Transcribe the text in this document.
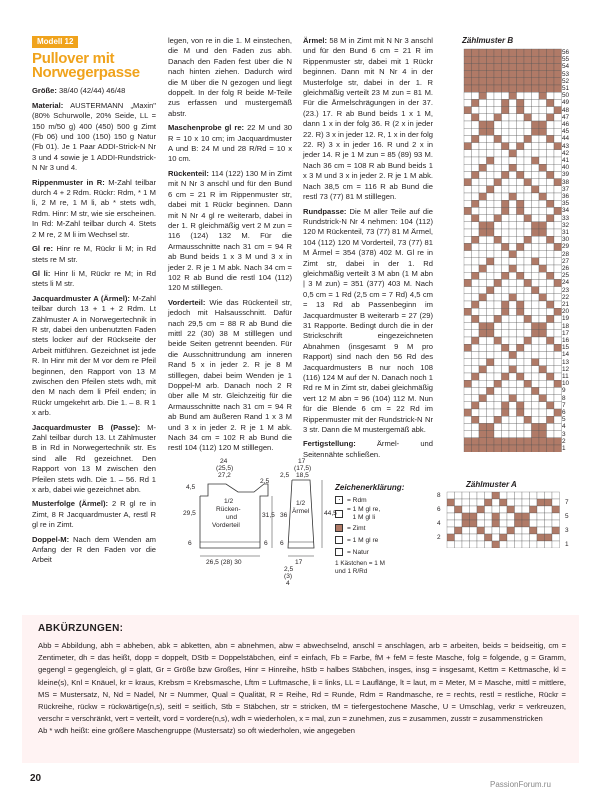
Modell 12
Pullover mit
Norwegerpasse

Größe: 38/40 (42/44) 46/48

Material: AUSTERMANN „Maxin" (80% Schurwolle, 20% Seide, LL = 150 m/50 g) 400 (450) 500 g Zimt (Fb 06) und 100 (150) 150 g Natur (Fb 01). Je 1 Paar ADDI-Strick-N Nr 3 und 4 sowie je 1 ADDI-Rundstrick-N Nr 3 und 4.

Rippenmuster in R: M-Zahl teilbar durch 4 + 2 Rdm. Rückr: Rdm, * 1 M li, 2 M re, 1 M li, ab * stets wdh, Rdm. Hinr: M str, wie sie erscheinen. In Rd: M-Zahl teilbar durch 4. Stets 2 M re, 2 M li im Wechsel str.

Gl re: Hinr re M, Rückr li M; in Rd stets re M str.

Gl li: Hinr li M, Rückr re M; in Rd stets li M str.

Jacquardmuster A (Ärmel): M-Zahl teilbar durch 13 + 1 + 2 Rdm. Lt Zählmuster A in Norwegertechnik in R str, dabei den unbenutzten Faden stets locker auf der Rückseite der Arbeit mitführen. Gezeichnet ist jede R. In Hinr mit der M vor dem re Pfeil beginnen, den Rapport von 13 M zwischen den Pfeilen stets wdh, mit den M nach dem li Pfeil enden; in Rückr umgekehrt arb. Die 1. – 8. R 1 x arb.

Jacquardmuster B (Passe): M-Zahl teilbar durch 13. Lt Zählmuster B in Rd in Norwegertechnik str. Es sind alle Rd gezeichnet. Den Rapport von 13 M zwischen den Pfeilen stets wdh. Die 1. – 56. Rd 1 x arb, dabei wie gezeichnet abn.

Musterfolge (Ärmel): 2 R gl re in Zimt, 8 R Jacquardmuster A, restl R gl re in Zimt.

Doppel-M: Nach dem Wenden am Anfang der R den Faden vor die Arbeit

legen, von re in die 1. M einstechen, die M und den Faden zus abh. Danach den Faden fest über die N nach hinten ziehen. Dadurch wird die M über die N gezogen und liegt doppelt. In der folg R beide M-Teile zus erfassen und mustergemäß abstr.

Maschenprobe gl re: 22 M und 30 R = 10 x 10 cm; im Jacquardmuster A und B: 24 M und 28 R/Rd = 10 x 10 cm.

Rückenteil: 114 (122) 130 M in Zimt mit N Nr 3 anschl und für den Bund 6 cm = 21 R im Rippenmuster str, dabei mit 1 Rückr beginnen. Dann mit N Nr 4 gl re weiterarb, dabei in der 1. R gleichmäßig vert 2 M zun = 116 (124) 132 M. Für die Armausschnitte nach 31 cm = 94 R ab Bund beids 1 x 3 M und 3 x in jeder 2. R je 1 M abk. Nach 34 cm = 102 R ab Bund die restl 104 (112) 120 M stilllegen.

Vorderteil: Wie das Rückenteil str, jedoch mit Halsausschnitt. Dafür nach 29,5 cm = 88 R ab Bund die mittl 22 (30) 38 M stilllegen und beide Seiten getrennt beenden. Für die Ausschnittrundung am inneren Rand 5 x in jeder 2. R je 8 M stilllegen, dabei beim Wenden je 1 Doppel-M arb. Danach noch 2 R über alle M str. Gleichzeitig für die Armausschnitte nach 31 cm = 94 R ab Bund am äußeren Rand 1 x 3 M und 3 x in jeder 2. R je 1 M abk. Nach 34 cm = 102 R ab Bund die restl 104 (112) 120 M stilllegen.

Ärmel: 58 M in Zimt mit N Nr 3 anschl und für den Bund 6 cm = 21 R im Rippenmuster str, dabei mit 1 Rückr beginnen. Dann mit N Nr 4 in der Musterfolge str, dabei in der 1. R gleichmäßig verteilt 23 M zun = 81 M. Für die Ärmelschrägungen in der 37. (23.) 17. R ab Bund beids 1 x 1 M, dann 1 x in der folg 36. R (2 x in jeder 22. R) 3 x in jeder 12. R, 1 x in der folg 22. R) 3 x in jeder 16. R und 2 x in jeder 14. R je 1 M zun = 85 (89) 93 M. Nach 36 cm = 108 R ab Bund beids 1 x 3 M und 3 x in jeder 2. R je 1 M abk. Nach 38,5 cm = 116 R ab Bund die restl 73 (77) 81 M stilllegen.

Rundpasse: Die M aller Teile auf die Rundstrick-N Nr 4 nehmen: 104 (112) 120 M Rückenteil, 73 (77) 81 M Ärmel, 104 (112) 120 M Vorderteil, 73 (77) 81 M Ärmel = 354 (378) 402 M. Gl re in Zimt str, dabei in der 1. Rd gleichmäßig verteilt 3 M abn (1 M abn | 3 M zun) = 351 (377) 403 M. Nach 0,5 cm = 1 Rd (2,5 cm = 7 Rd) 4,5 cm = 13 Rd ab Passenbeginn im Jacquardmuster B weiterarb = 27 (29) 31 Rapporte. Bedingt durch die in der Strickschrift eingezeichneten Abnahmen (insgesamt 9 M pro Rapport) sind nach den 56 Rd des Jacquardmusters B nur noch 108 (116) 124 M auf der N. Danach noch 1 Rd re M in Zimt str, dabei gleichmäßig vert 12 M abn = 96 (104) 112 M. Nun für die Blende 6 cm = 22 Rd im Rippenmuster mit der Rundstrick-N Nr 3 str. Dann die M mustergemäß abk.

Fertigstellung: Ärmel- und Seitennähte schließen.

Zählmuster B
56
55
54
53
52
51
50
49
48
47
46
45
44
43
42
41
40
39
38
37
36
35
34
33
32
31
30
29
28
27
26
25
24
23
22
21
20
19
18
17
16
15
14
13
12
11
10
9
8
7
6
5
4
3
2
1
Zählmuster A
8
6
4
2
7
5
3
1
Zeichenerklärung:
· = Rdm
= 1 M gl re,
1 M gl li
= Zimt
= 1 M gl re
= Natur
1 Kästchen = 1 M
und 1 R/Rd
24
(25,5)
27,2
2,5
4,5
29,5
1/2
Rücken-
und
Vorderteil
31,5
6	6
26,5 (28) 30
17
(17,5)
18,5
2,5
36
1/2
Ärmel 44,5
6
17
2,5
(3)
4
ABKÜRZUNGEN:
Abb = Abbildung, abh = abheben, abk = abketten, abn = abnehmen, abw = abwechselnd, anschl = anschlagen, arb = arbeiten, beids = beidseitig, cm = Zentimeter, dh = das heißt, dopp = doppelt, DStb = Doppelstäbchen, einf = einfach, Fb = Farbe, fM + feM = feste Masche, folg = folgende, g = Gramm, gegengl = gegengleich, gl = glatt, Gr = Größe bzw Großes, Hinr = Hinreihe, hStb = halbes Stäbchen, insges, insg = insgesamt, Kettm = Kettmasche, kl = kleine(s), Knl = Knäuel, kr = kraus, Krebsm = Krebsmasche, Lftm = Luftmasche, li = links, LL = Lauflänge, lt = laut, m = Meter, M = Masche, mittl = mittlere, MS = Mustersatz, N, Nd = Nadel, Nr = Nummer, Qual = Qualität, R = Reihe, Rd = Runde, Rdm = Randmasche, re = rechts, restl = restliche, Rückr = Rückreihe, rückw = rückwärtige(n,s), seitl = seitlich, Stb = Stäbchen, str = stricken, tM = tiefergestochene Masche, U = Umschlag, verkr = verkreuzen, verschr = verschränkt, vert = verteilt, vord = vordere(n,s), wdh = wiederholen, x = mal, zun = zunehmen, zus = zusammen, zusstr = zusammenstricken
Ab * wdh heißt: eine größere Maschengruppe (Mustersatz) so oft wiederholen, wie angegeben
20
PassionForum.ru
